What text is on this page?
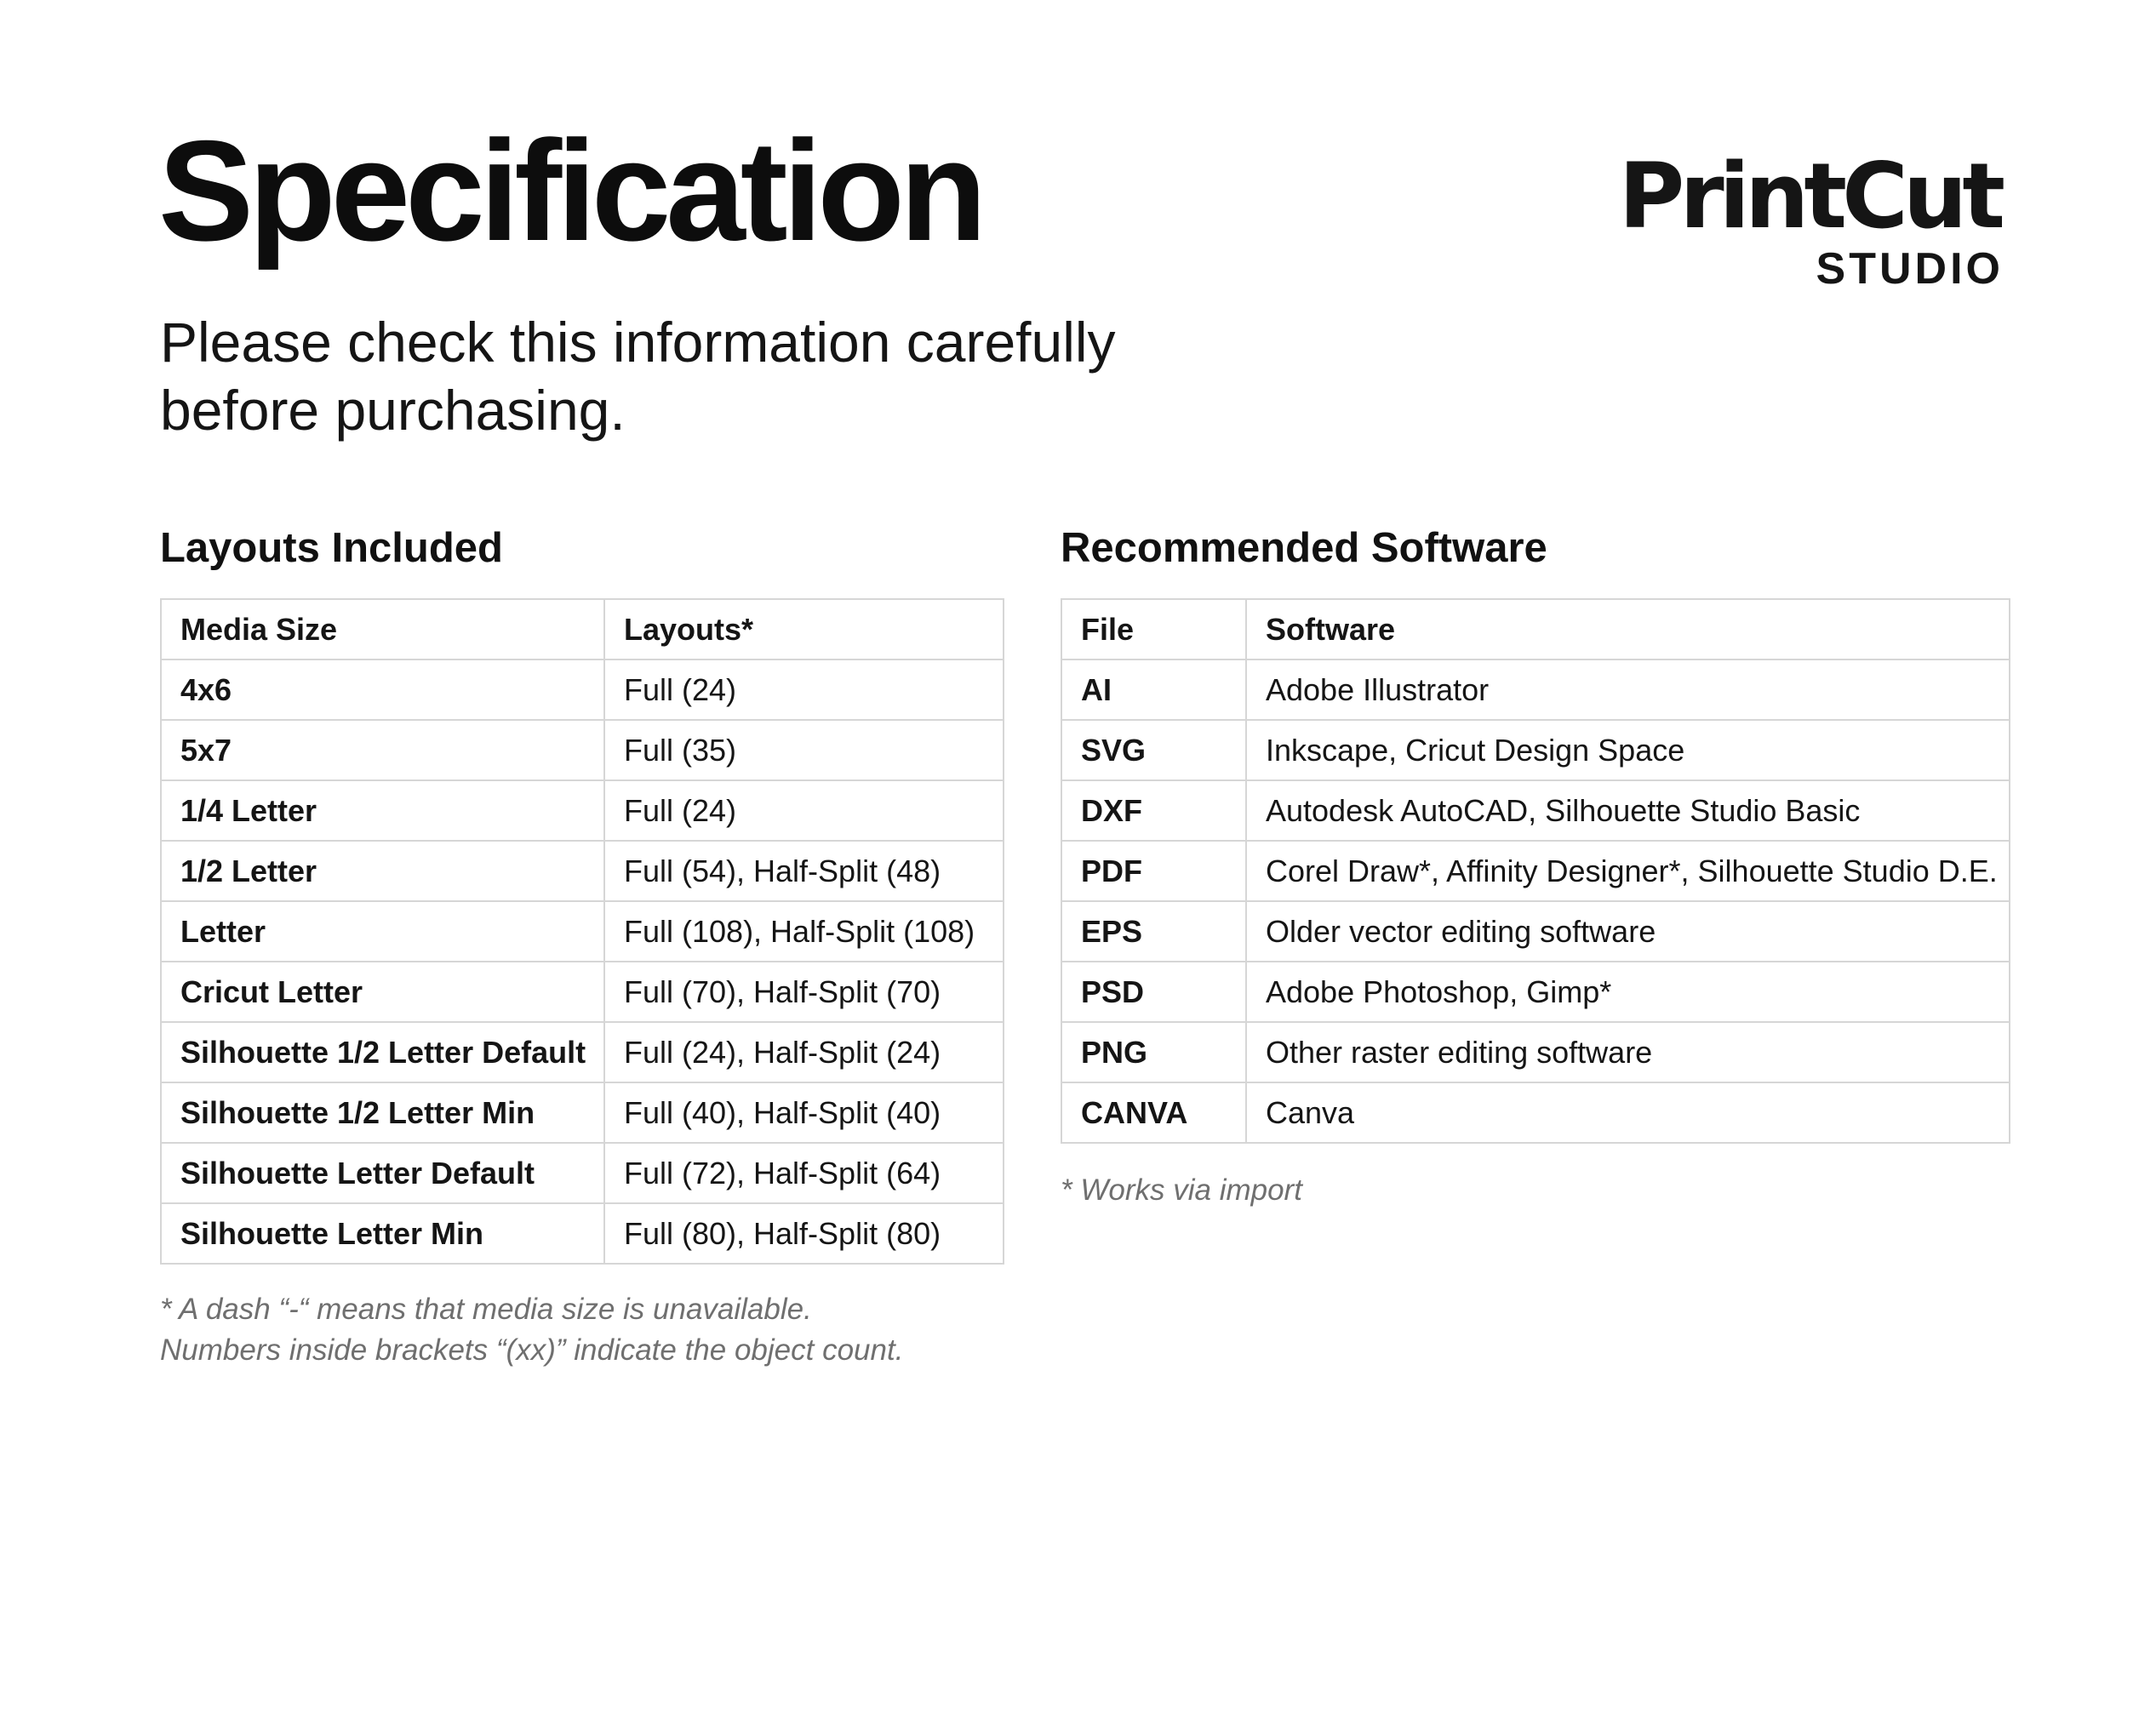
Specification

Please check this information carefully before purchasing.

PrintCut
STUDIO
Layouts Included	Recommended Software
Media Size	Layouts*
4x6	Full (24)
5x7	Full (35)
1/4 Letter	Full (24)
1/2 Letter	Full (54), Half-Split (48)
Letter	Full (108), Half-Split (108)
Cricut Letter	Full (70), Half-Split (70)
Silhouette 1/2 Letter Default	Full (24), Half-Split (24)
Silhouette 1/2 Letter Min	Full (40), Half-Split (40)
Silhouette Letter Default	Full (72), Half-Split (64)
Silhouette Letter Min	Full (80), Half-Split (80)

* A dash “-“ means that media size is unavailable.
Numbers inside brackets “(xx)” indicate the object count.

File	Software
AI	Adobe Illustrator
SVG	Inkscape, Cricut Design Space
DXF	Autodesk AutoCAD, Silhouette Studio Basic
PDF	Corel Draw*, Affinity Designer*, Silhouette Studio D.E.
EPS	Older vector editing software
PSD	Adobe Photoshop, Gimp*
PNG	Other raster editing software
CANVA	Canva

* Works via import
